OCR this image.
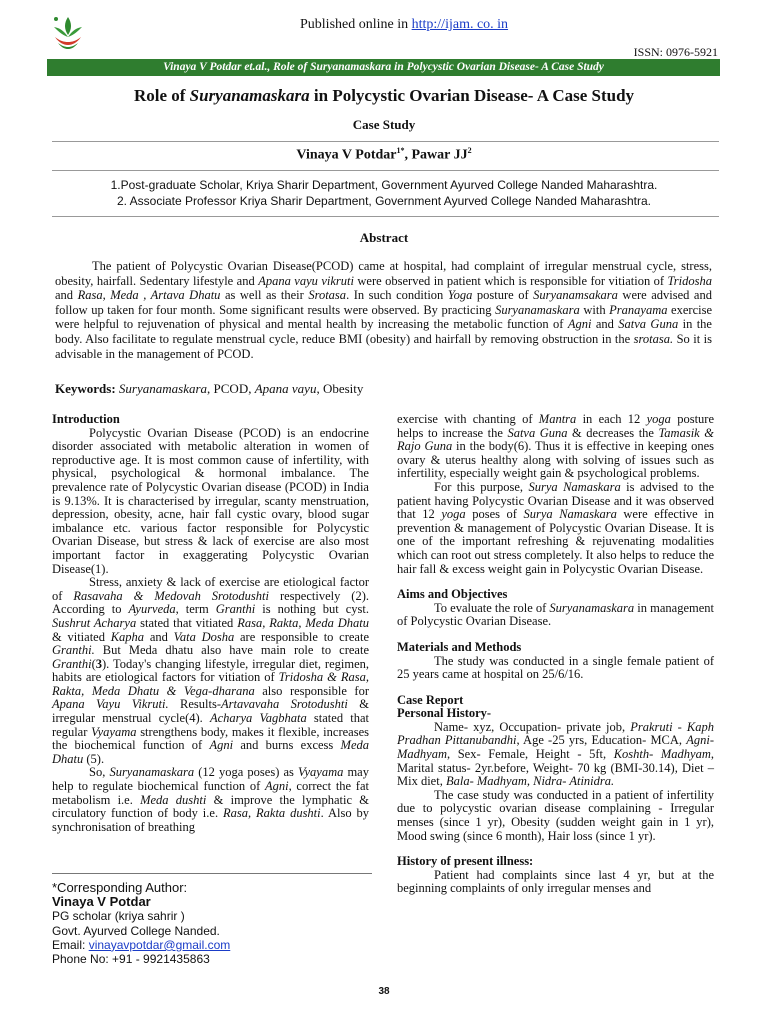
Published online in http://ijam. co. in
ISSN: 0976-5921
Vinaya V Potdar et.al., Role of Suryanamaskara in Polycystic Ovarian Disease- A Case Study
Role of Suryanamaskara in Polycystic Ovarian Disease- A Case Study
Case Study
Vinaya V Potdar$^{1*}$, Pawar $JJ^2$
1.Post-graduate Scholar, Kriya Sharir Department, Government Ayurved College Nanded Maharashtra.
2. Associate Professor Kriya Sharir Department, Government Ayurved College Nanded Maharashtra.
Abstract

The patient of Polycystic Ovarian Disease(PCOD) came at hospital, had complaint of irregular menstrual cycle, stress, obesity, hairfall. Sedentary lifestyle and Apana vayu vikruti were observed in patient which is responsible for vitiation of Tridosha and Rasa, Meda , Artava Dhatu as well as their Srotasa. In such condition Yoga posture of Suryanamsakara were advised and follow up taken for four month. Some significant results were observed. By practicing Suryanamaskara with Pranayama exercise were helpful to rejuvenation of physical and mental health by increasing the metabolic function of Agni and Satva Guna in the body. Also facilitate to regulate menstrual cycle, reduce BMI (obesity) and hairfall by removing obstruction in the srotasa. So it is advisable in the management of PCOD.

Keywords: Suryanamaskara, PCOD, Apana vayu, Obesity

Introduction

Polycystic Ovarian Disease (PCOD) is an endocrine disorder associated with metabolic alteration in women of reproductive age. It is most common cause of infertility, with physical, psychological & hormonal imbalance. The prevalence rate of Polycystic Ovarian disease (PCOD) in India is 9.13%. It is characterised by irregular, scanty menstruation, depression, obesity, acne, hair fall cystic ovary, blood sugar imbalance etc. various factor responsible for Polycystic Ovarian Disease, but stress & lack of exercise are also most important factor in exaggerating Polycystic Ovarian Disease(1).

Stress, anxiety & lack of exercise are etiological factor of Rasavaha & Medovah Srotodushti respectively (2). According to Ayurveda, term Granthi is nothing but cyst. Sushrut Acharya stated that vitiated Rasa, Rakta, Meda Dhatu & vitiated Kapha and Vata Dosha are responsible to create Granthi. But Meda dhatu also have main role to create Granthi(3). Today's changing lifestyle, irregular diet, regimen, habits are etiological factors for vitiation of Tridosha & Rasa, Rakta, Meda Dhatu & Vega-dharana also responsible for Apana Vayu Vikruti. Results-Artavavaha Srotodushti & irregular menstrual cycle(4). Acharya Vagbhata stated that regular Vyayama strengthens body, makes it flexible, increases the biochemical function of Agni and burns excess Meda Dhatu (5).

So, Suryanamaskara (12 yoga poses) as Vyayama may help to regulate biochemical function of Agni, correct the fat metabolism i.e. Meda dushti & improve the lymphatic & circulatory function of body i.e. Rasa, Rakta dushti. Also by synchronisation of breathing

*Corresponding Author:
Vinaya V Potdar
PG scholar (kriya sahrir )
Govt. Ayurved College Nanded.
Email: vinayavpotdar@gmail.com
Phone No: +91 - 9921435863

exercise with chanting of Mantra in each 12 yoga posture helps to increase the Satva Guna & decreases the Tamasik & Rajo Guna in the body(6). Thus it is effective in keeping ones ovary & uterus healthy along with solving of issues such as infertility, especially weight gain & psychological problems.

For this purpose, Surya Namaskara is advised to the patient having Polycystic Ovarian Disease and it was observed that 12 yoga poses of Surya Namaskara were effective in prevention & management of Polycystic Ovarian Disease. It is one of the important refreshing & rejuvenating modalities which can root out stress completely. It also helps to reduce the hair fall & excess weight gain in Polycystic Ovarian Disease.

Aims and Objectives

To evaluate the role of Suryanamaskara in management of Polycystic Ovarian Disease.

Materials and Methods

The study was conducted in a single female patient of 25 years came at hospital on 25/6/16.

Case Report

Personal History-

Name- xyz, Occupation- private job, Prakruti - Kaph Pradhan Pittanubandhi, Age -25 yrs, Education- MCA, Agni- Madhyam, Sex- Female, Height - 5ft, Koshth- Madhyam, Marital status- 2yr.before, Weight- 70 kg (BMI-30.14), Diet – Mix diet, Bala- Madhyam, Nidra- Atinidra.

The case study was conducted in a patient of infertility due to polycystic ovarian disease complaining - Irregular menses (since 1 yr), Obesity (sudden weight gain in 1 yr), Mood swing (since 6 month), Hair loss (since 1 yr).

History of present illness:

Patient had complaints since last 4 yr, but at the beginning complaints of only irregular menses and

38
